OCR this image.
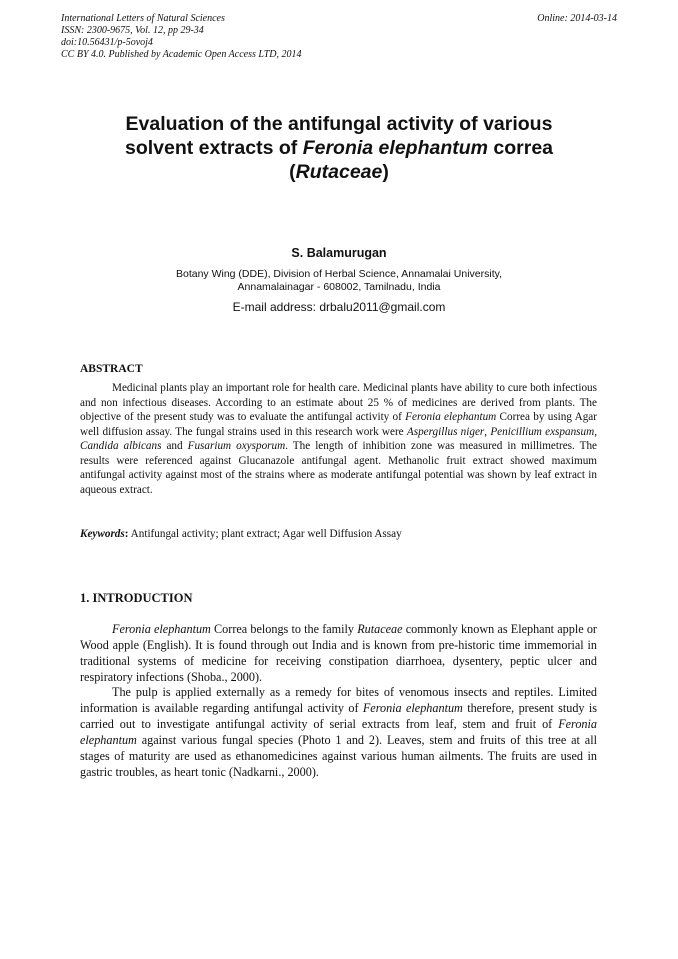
International Letters of Natural Sciences
ISSN: 2300-9675, Vol. 12, pp 29-34
doi:10.56431/p-5ovoj4
CC BY 4.0. Published by Academic Open Access LTD, 2014
Online: 2014-03-14
Evaluation of the antifungal activity of various
solvent extracts of Feronia elephantum correa
(Rutaceae)
S. Balamurugan
Botany Wing (DDE), Division of Herbal Science, Annamalai University,
Annamalainagar - 608002, Tamilnadu, India
E-mail address: drbalu2011@gmail.com
ABSTRACT

Medicinal plants play an important role for health care. Medicinal plants have ability to cure both infectious and non infectious diseases. According to an estimate about 25 % of medicines are derived from plants. The objective of the present study was to evaluate the antifungal activity of Feronia elephantum Correa by using Agar well diffusion assay. The fungal strains used in this research work were Aspergillus niger, Penicillium exspansum, Candida albicans and Fusarium oxysporum. The length of inhibition zone was measured in millimetres. The results were referenced against Glucanazole antifungal agent. Methanolic fruit extract showed maximum antifungal activity against most of the strains where as moderate antifungal potential was shown by leaf extract in aqueous extract.

Keywords: Antifungal activity; plant extract; Agar well Diffusion Assay
1. INTRODUCTION

Feronia elephantum Correa belongs to the family Rutaceae commonly known as Elephant apple or Wood apple (English). It is found through out India and is known from pre-historic time immemorial in traditional systems of medicine for receiving constipation diarrhoea, dysentery, peptic ulcer and respiratory infections (Shoba., 2000).

The pulp is applied externally as a remedy for bites of venomous insects and reptiles. Limited information is available regarding antifungal activity of Feronia elephantum therefore, present study is carried out to investigate antifungal activity of serial extracts from leaf, stem and fruit of Feronia elephantum against various fungal species (Photo 1 and 2). Leaves, stem and fruits of this tree at all stages of maturity are used as ethanomedicines against various human ailments. The fruits are used in gastric troubles, as heart tonic (Nadkarni., 2000).
